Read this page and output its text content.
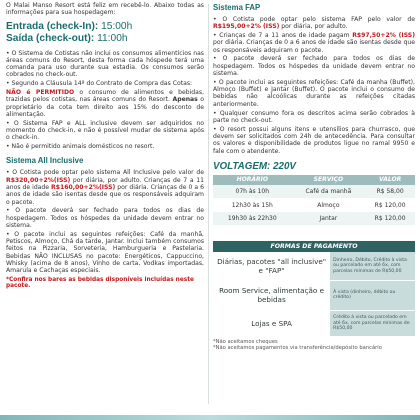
O Malai Manso Resort está feliz em recebê-lo. Abaixo todas as informações para sua hospedagem:

Entrada (check-In): 15:00h
Saída (check-out): 11:00h

• O Sistema de Cotistas não inclui os consumos alimentícios nas áreas comuns do Resort, desta forma cada hóspede terá uma comanda para uso durante sua estadia. Os consumos serão cobrados no check-out.

• Segundo a Cláusula 14º do Contrato de Compra das Cotas:

NÃO é PERMITIDO o consumo de alimentos e bebidas, trazidas pelos cotistas, nas áreas comuns do Resort. Apenas o proprietário da cota tem direito aos 15% do desconto de alimentação.

• O Sistema FAP e ALL inclusive devem ser adquiridos no momento do check-in, e não é possível mudar de sistema após o check-in.

• Não é permitido animais domésticos no resort.

Sistema All Inclusive

• O Cotista pode optar pelo sistema All Inclusive pelo valor de R$320,00+2%(ISS) por diária, por adulto. Crianças de 7 a 11 anos de idade R$160,00+2%(ISS) por diária. Crianças de 0 a 6 anos de idade são isentas desde que os responsáveis adquiram o pacote.

• O pacote deverá ser fechado para todos os dias de hospedagem. Todos os hóspedes da unidade devem entrar no sistema.

• O pacote inclui as seguintes refeições: Café da manhã, Petiscos, Almoço, Chá da tarde, Jantar. Inclui também consumos feitos na Pizzaria, Sorveteria, Hamburgueria e Pastelaria. Bebidas NÃO INCLUSAS no pacote: Energéticos, Cappuccino, Whisky (acima de 8 anos), Vinho de carta, Vodkas importadas, Amarula e Cachaças especiais.

*Confira nos bares as bebidas disponíveis incluídas neste pacote.

Sistema FAP

• O Cotista pode optar pelo sistema FAP pelo valor de R$195,00+2% (ISS) por diária, por adulto.

• Crianças de 7 a 11 anos de idade pagam R$97,50+2% (ISS) por diária. Crianças de 0 a 6 anos de idade são isentas desde que os responsáveis adquiram o pacote.

• O pacote deverá ser fechado para todos os dias de hospedagem. Todos os hóspedes da unidade devem entrar no sistema.

• O pacote inclui as seguintes refeições: Café da manha (Buffet), Almoço (Buffet) e Jantar (Buffet). O pacote inclui o consumo de bebidas não alcoólicas durante as refeições citadas anteriormente.

• Qualquer consumo fora os descritos acima serão cobrados à parte no check-out.

• O resort possui alguns itens e utensílios para churrasco, que devem ser solicitados com 24h de antecedência. Para consultar os valores e disponibilidade de produtos ligue no ramal 9950 e fale com o atendente.

VOLTAGEM: 220V
HORÁRIO	SERVIÇO	VALOR
07h às 10h	Café da manhã	R$ 58,00
12h30 às 15h	Almoço	R$ 120,00
19h30 às 22h30	Jantar	R$ 120,00

FORMAS DE PAGAMENTO
Diárias, pacotes "all inclusive" e "FAP"	Dinheiro, Débito, Crédito à vista ou parcelado em até 6x, com parcelas mínimas de R$50,00
Room Service, alimentação e bebidas	À vista (dinheiro, débito ou crédito)
Lojas e SPA	Crédito à vista ou parcelado em até 6x, com parcelas mínimas de R$50,00

*Não aceitamos cheques

*Não aceitamos pagamentos via transferência/depósito bancário
